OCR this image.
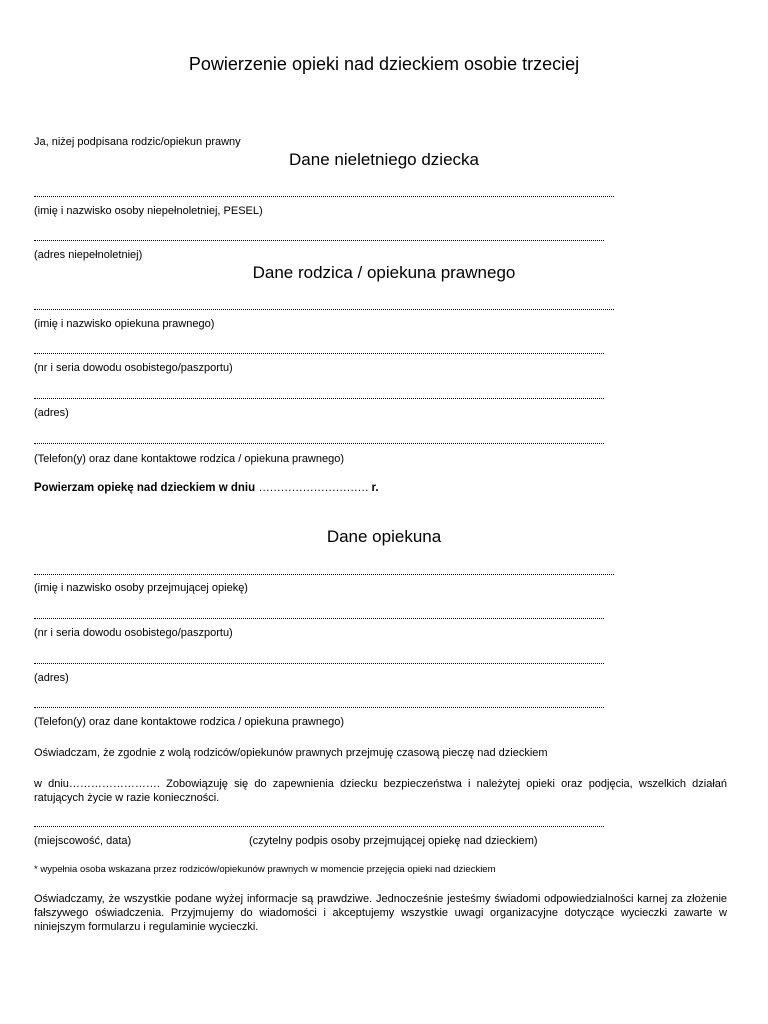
Powierzenie opieki nad dzieckiem osobie trzeciej

Ja, niżej podpisana rodzic/opiekun prawny

Dane nieletniego dziecka

(imię i nazwisko osoby niepełnoletniej, PESEL)

(adres niepełnoletniej)

Dane rodzica / opiekuna prawnego

(imię i nazwisko opiekuna prawnego)

(nr i seria dowodu osobistego/paszportu)

(adres)

(Telefon(y) oraz dane kontaktowe rodzica / opiekuna prawnego)

Powierzam opiekę nad dzieckiem w dniu ………………………… r.

Dane opiekuna

(imię i nazwisko osoby przejmującej opiekę)

(nr i seria dowodu osobistego/paszportu)

(adres)

(Telefon(y) oraz dane kontaktowe rodzica / opiekuna prawnego)

Oświadczam, że zgodnie z wolą rodziców/opiekunów prawnych przejmuję czasową pieczę nad dzieckiem

w dniu……………………. Zobowiązuję się do zapewnienia dziecku bezpieczeństwa i należytej opieki oraz podjęcia, wszelkich działań ratujących życie w razie konieczności.

(miejscowość, data)	(czytelny podpis osoby przejmującej opiekę nad dzieckiem)

* wypełnia osoba wskazana przez rodziców/opiekunów prawnych w momencie przejęcia opieki nad dzieckiem

Oświadczamy, że wszystkie podane wyżej informacje są prawdziwe. Jednocześnie jesteśmy świadomi odpowiedzialności karnej za złożenie fałszywego oświadczenia. Przyjmujemy do wiadomości i akceptujemy wszystkie uwagi organizacyjne dotyczące wycieczki zawarte w niniejszym formularzu i regulaminie wycieczki.
